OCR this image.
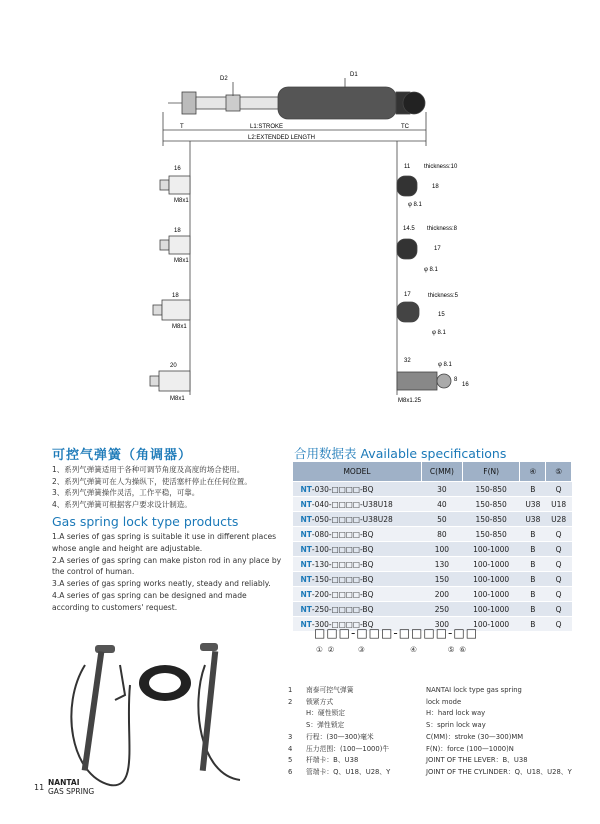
D2
D1
T	L1:STROKE	TC
L2:EXTENDED LENGTH
16
18
18
20
M8x1
M8x1
M8x1
M8x1
11 thickness:10
18
φ 8.1
14.5 thickness:8
17
φ 8.1
17	thickness:5
15
φ 8.1
32
φ 8.1
8
16
M8x1.25
可控气弹簧（角调器）

1、系列气弹簧适用于各种可调节角度及高度的场合使用。

2、系列气弹簧可在人为操纵下，使活塞杆停止在任何位置。

3、系列气弹簧操作灵活，工作平稳，可靠。

4、系列气弹簧可根据客户要求设计制造。

Gas spring lock type products

1.A series of gas spring is suitable it use in different places whose angle and height are adjustable.

2.A series of gas spring can make piston rod in any place by the control of human.

3.A series of gas spring works neatly, steady and reliably.

4.A series of gas spring can be designed and made according to customers' request.

合用数据表 Available specifications
MODEL	C(MM)	F(N)	④	⑤
NT-030-□□□□-BQ	30	150-850	B	Q
NT-040-□□□□-U38U18	40	150-850	U38	U18
NT-050-□□□□-U38U28	50	150-850	U38	U28
NT-080-□□□□-BQ	80	150-850	B	Q
NT-100-□□□□-BQ	100	100-1000	B	Q
NT-130-□□□□-BQ	130	100-1000	B	Q
NT-150-□□□□-BQ	150	100-1000	B	Q
NT-200-□□□□-BQ	200	100-1000	B	Q
NT-250-□□□□-BQ	250	100-1000	B	Q
NT-300-□□□□-BQ	300	100-1000	B	Q
□□□-□□□-□□□□-□□
①  ②          ③                   ④             ⑤  ⑥
1	南泰可控气弹簧	NANTAI lock type gas spring
2	锁紧方式	lock mode
H：硬性锁定	H：hard lock way
S：弹性锁定	S：sprin lock way
3	行程：(30—300)毫米	C(MM)：stroke (30—300)MM
4	压力范围：(100—1000)牛	F(N)：force (100—1000)N
5	杆端卡：B、U38	JOINT OF THE LEVER：B、U38
6	管端卡：Q、U18、U28、Y	JOINT OF THE CYLINDER：Q、U18、U28、Y
11
NANTAI
GAS SPRING
